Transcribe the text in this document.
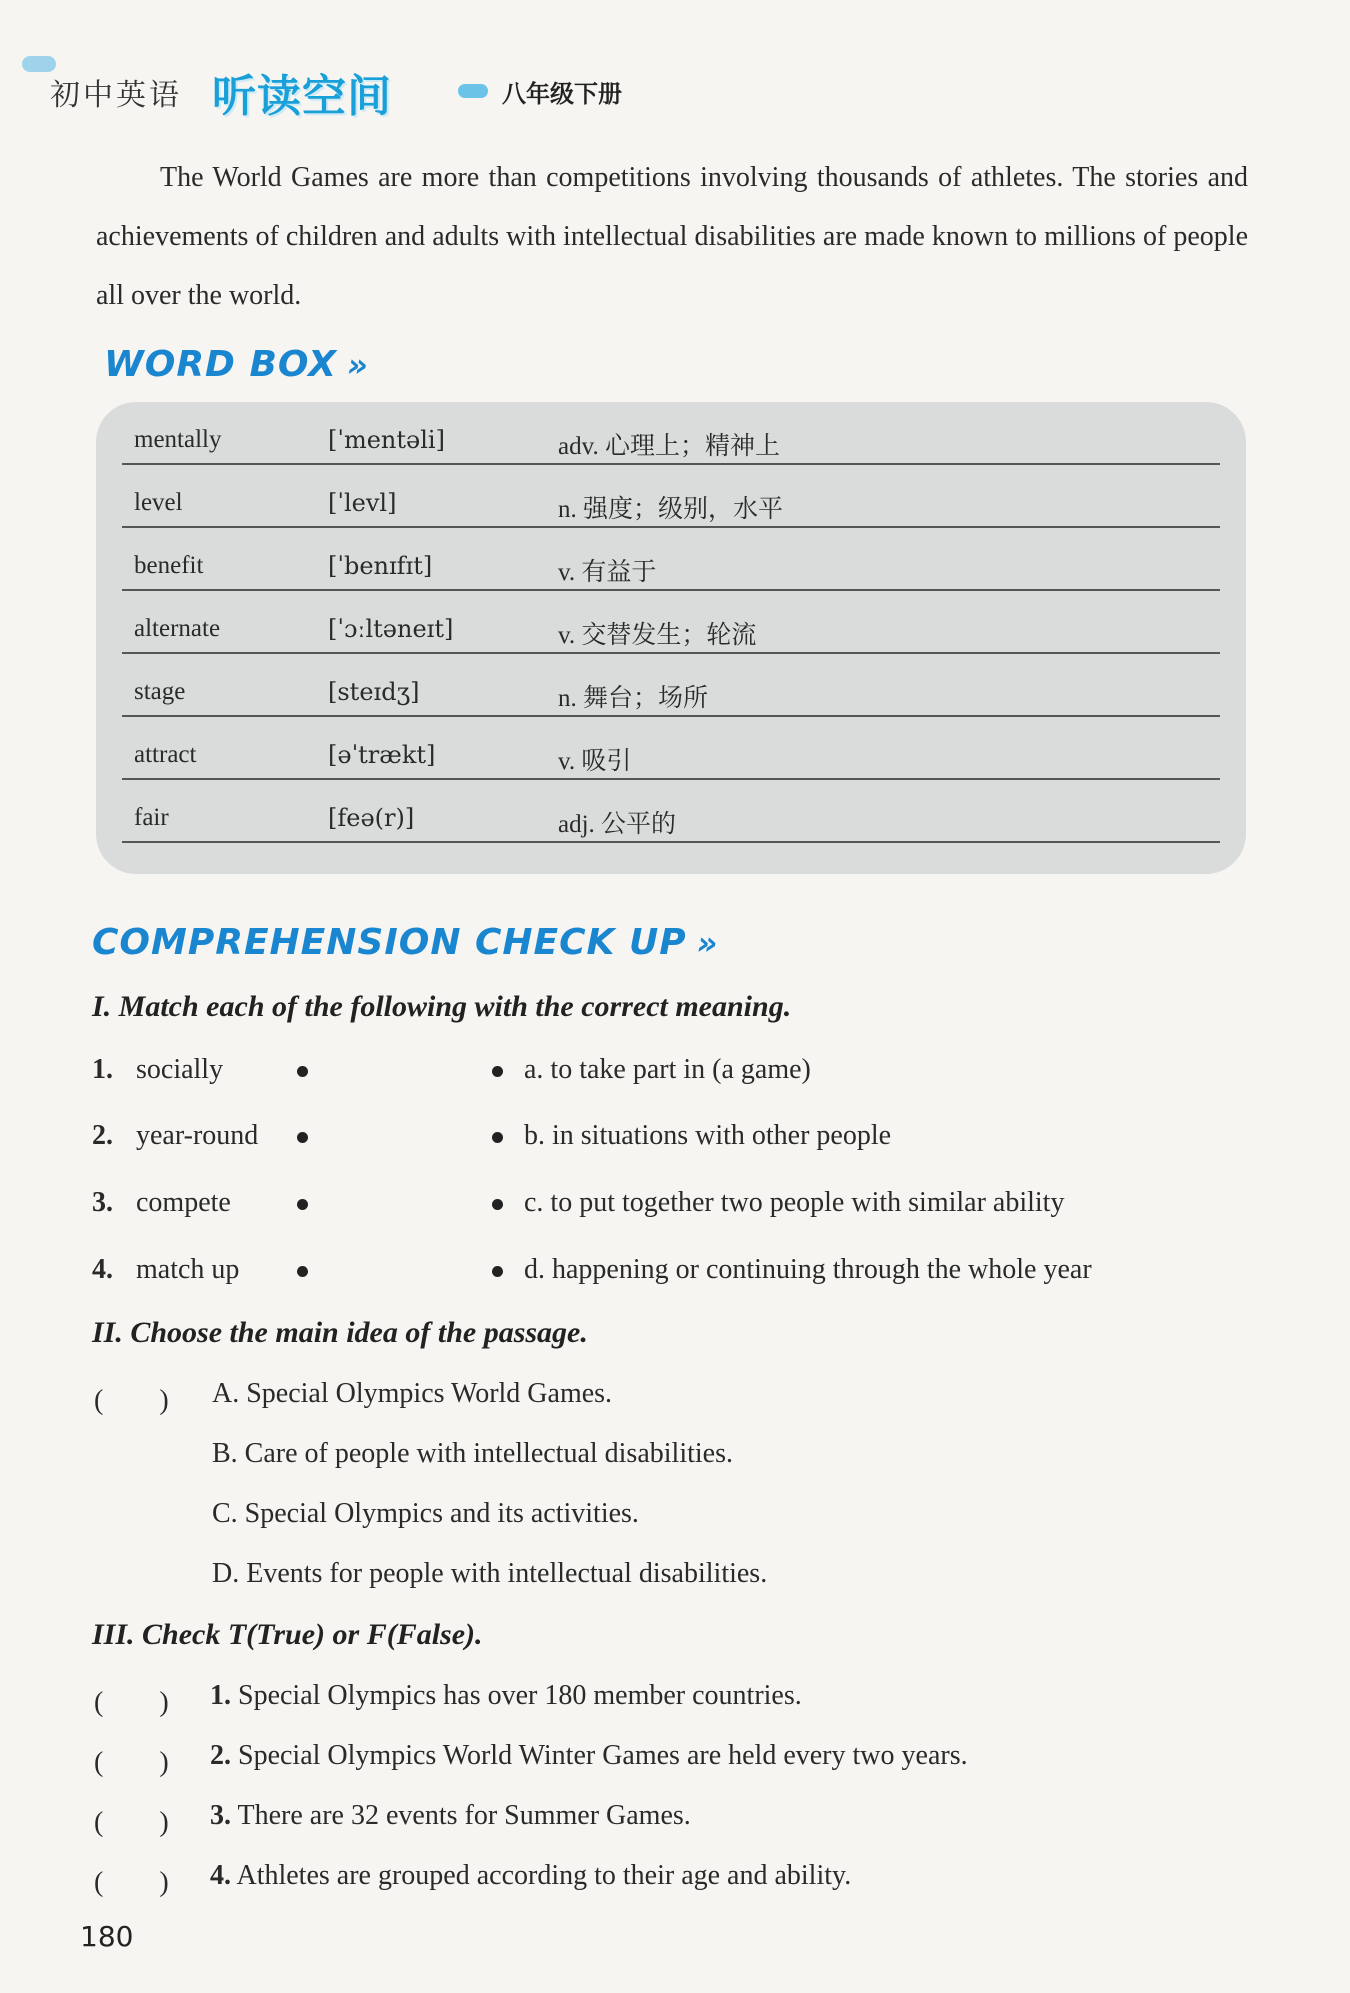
初中英语 听读空间	八年级下册

The World Games are more than competitions involving thousands of athletes. The stories and achievements of children and adults with intellectual disabilities are made known to millions of people all over the world.

WORD BOX »
mentally	[ˈmentəli]	adv. 心理上；精神上
level	[ˈlevl]	n. 强度；级别，水平
benefit	[ˈbenɪfɪt]	v. 有益于
alternate	[ˈɔːltəneɪt]	v. 交替发生；轮流
stage	[steɪdʒ]	n. 舞台；场所
attract	[əˈtrækt]	v. 吸引
fair	[feə(r)]	adj. 公平的
COMPREHENSION CHECK UP »
I. Match each of the following with the correct meaning.
1. socially	a. to take part in (a game)
2. year-round	b. in situations with other people
3. compete	c. to put together two people with similar ability
4. match up	d. happening or continuing through the whole year
II. Choose the main idea of the passage.
(　　) A. Special Olympics World Games.
B. Care of people with intellectual disabilities.
C. Special Olympics and its activities.
D. Events for people with intellectual disabilities.
III. Check T(True) or F(False).
(　　) 1. Special Olympics has over 180 member countries.
(　　) 2. Special Olympics World Winter Games are held every two years.
(　　) 3. There are 32 events for Summer Games.
(　　) 4. Athletes are grouped according to their age and ability.
180
